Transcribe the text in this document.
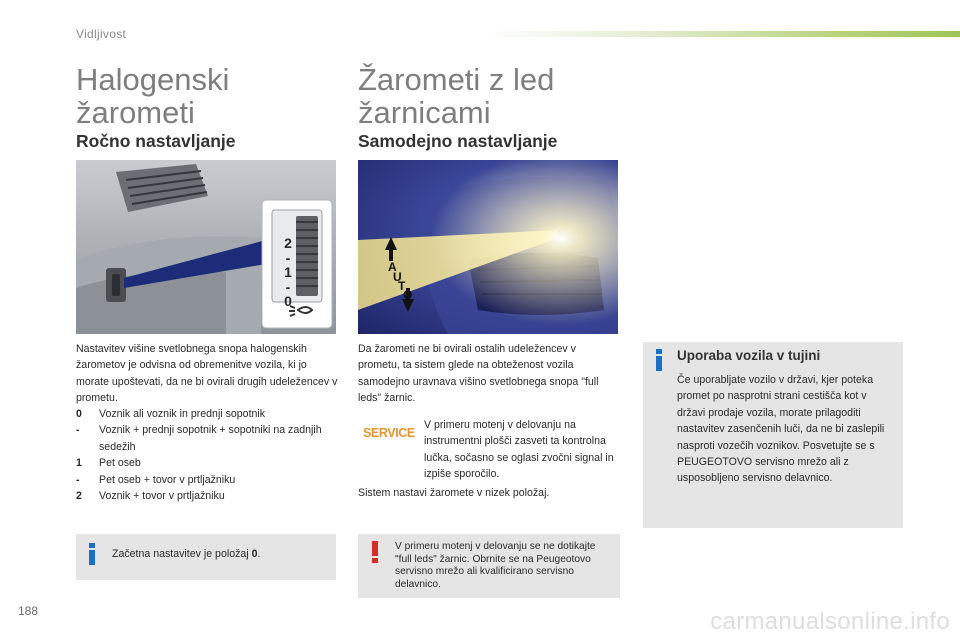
Vidljivost
Halogenski žarometi
Žarometi z led žarnicami
Ročno nastavljanje	Samodejno nastavljanje
2
-
1
-
0
A
U
T
O
Nastavitev višine svetlobnega snopa halogenskih žarometov je odvisna od obremenitve vozila, ki jo morate upoštevati, da ne bi ovirali drugih udeležencev v prometu.
0	Voznik ali voznik in prednji sopotnik
-	Voznik + prednji sopotnik + sopotniki na zadnjih sedežih
1	Pet oseb
-	Pet oseb + tovor v prtljažniku
2	Voznik + tovor v prtljažniku
Da žarometi ne bi ovirali ostalih udeležencev v prometu, ta sistem glede na obteženost vozila samodejno uravnava višino svetlobnega snopa "full leds" žarnic.
SERVICE
V primeru motenj v delovanju na instrumentni plošči zasveti ta kontrolna lučka, sočasno se oglasi zvočni signal in izpiše sporočilo.
Sistem nastavi žaromete v nizek položaj.
Začetna nastavitev je položaj 0.
V primeru motenj v delovanju se ne dotikajte "full leds" žarnic. Obrnite se na Peugeotovo servisno mrežo ali kvalificirano servisno delavnico.
Uporaba vozila v tujini
Če uporabljate vozilo v državi, kjer poteka promet po nasprotni strani cestišča kot v državi prodaje vozila, morate prilagoditi nastavitev zasenčenih luči, da ne bi zaslepili nasproti vozečih voznikov. Posvetujte se s PEUGEOTOVO servisno mrežo ali z usposobljeno servisno delavnico.
188	carmanualsonline.info
